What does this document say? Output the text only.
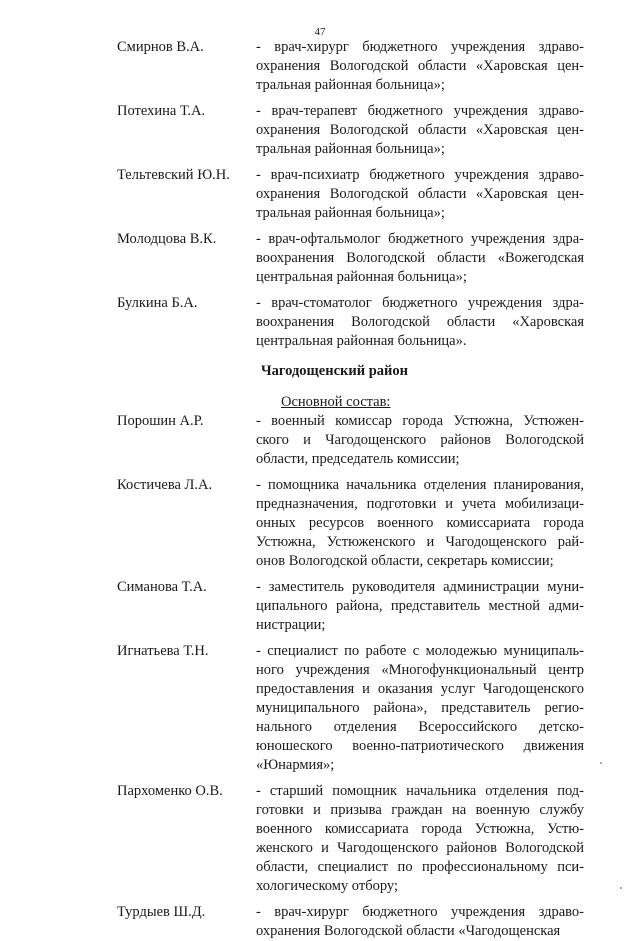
47
Смирнов В.А.	- врач-хирург бюджетного учреждения здраво-
охранения Вологодской области «Харовская цен-
тральная районная больница»;
Потехина Т.А.	- врач-терапевт бюджетного учреждения здраво-
охранения Вологодской области «Харовская цен-
тральная районная больница»;
Тельтевский Ю.Н.	- врач-психиатр бюджетного учреждения здраво-
охранения Вологодской области «Харовская цен-
тральная районная больница»;
Молодцова В.К.	- врач-офтальмолог бюджетного учреждения здра-
воохранения Вологодской области «Вожегодская
центральная районная больница»;
Булкина Б.А.	- врач-стоматолог бюджетного учреждения здра-
воохранения Вологодской области «Харовская
центральная районная больница».
Чагодощенский район
Основной состав:
Порошин А.Р.	- военный комиссар города Устюжна, Устюжен-
ского и Чагодощенского районов Вологодской
области, председатель комиссии;
Костичева Л.А.	- помощника начальника отделения планирования,
предназначения, подготовки и учета мобилизаци-
онных ресурсов военного комиссариата города
Устюжна, Устюженского и Чагодощенского рай-
онов Вологодской области, секретарь комиссии;
Симанова Т.А.	- заместитель руководителя администрации муни-
ципального района, представитель местной адми-
нистрации;
Игнатьева Т.Н.	- специалист по работе с молодежью муниципаль-
ного учреждения «Многофункциональный центр
предоставления и оказания услуг Чагодощенского
муниципального района», представитель регио-
нального отделения Всероссийского детско-
юношеского военно-патриотического движения
«Юнармия»;
Пархоменко О.В.	- старший помощник начальника отделения под-
готовки и призыва граждан на военную службу
военного комиссариата города Устюжна, Устю-
женского и Чагодощенского районов Вологодской
области, специалист по профессиональному пси-
хологическому отбору;
Турдыев Ш.Д.	- врач-хирург бюджетного учреждения здраво-
охранения Вологодской области «Чагодощенская
